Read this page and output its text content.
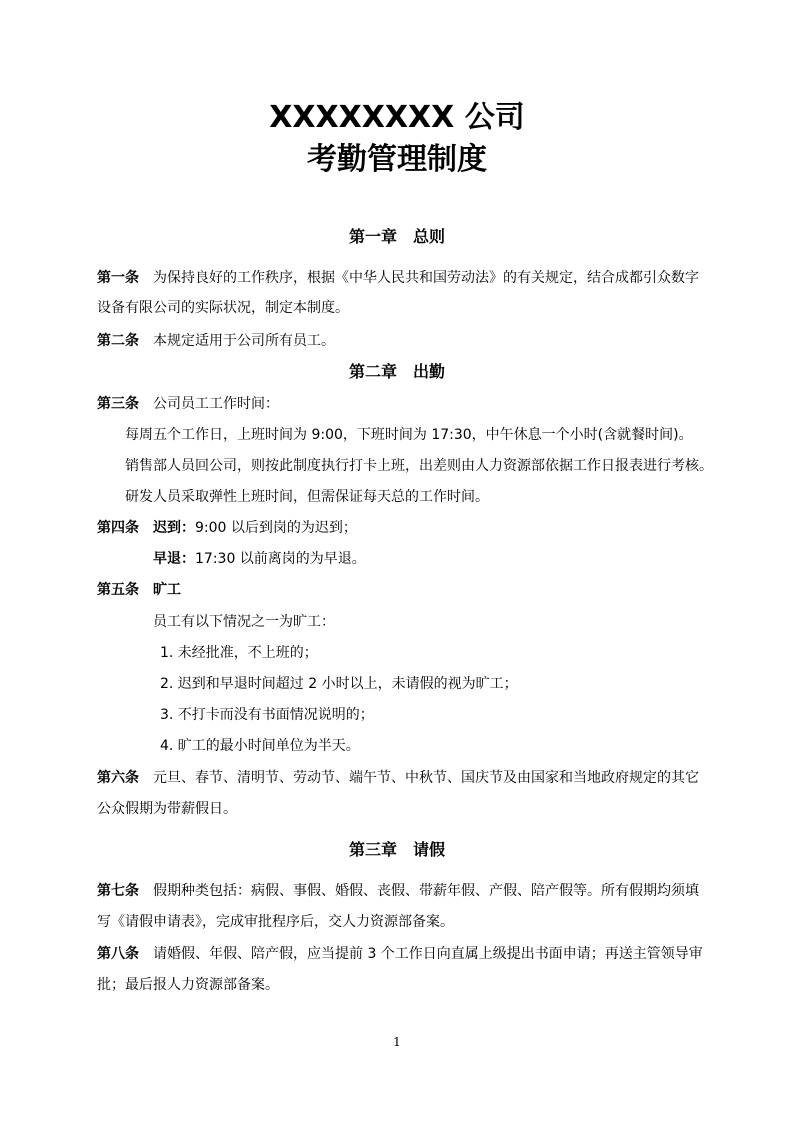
XXXXXXXX 公司
考勤管理制度
第一章 总则
第一条 为保持良好的工作秩序，根据《中华人民共和国劳动法》的有关规定，结合成都引众数字
设备有限公司的实际状况，制定本制度。
第二条 本规定适用于公司所有员工。
第二章 出勤
第三条 公司员工工作时间：
每周五个工作日，上班时间为 9:00，下班时间为 17:30，中午休息一个小时(含就餐时间)。
销售部人员回公司，则按此制度执行打卡上班，出差则由人力资源部依据工作日报表进行考核。
研发人员采取弹性上班时间，但需保证每天总的工作时间。
第四条 迟到：9:00 以后到岗的为迟到；
早退：17:30 以前离岗的为早退。
第五条 旷工
员工有以下情况之一为旷工：
1. 未经批准，不上班的；
2. 迟到和早退时间超过 2 小时以上，未请假的视为旷工；
3. 不打卡而没有书面情况说明的；
4. 旷工的最小时间单位为半天。
第六条 元旦、春节、清明节、劳动节、端午节、中秋节、国庆节及由国家和当地政府规定的其它
公众假期为带薪假日。
第三章 请假
第七条 假期种类包括：病假、事假、婚假、丧假、带薪年假、产假、陪产假等。所有假期均须填
写《请假申请表》，完成审批程序后，交人力资源部备案。
第八条 请婚假、年假、陪产假，应当提前 3 个工作日向直属上级提出书面申请；再送主管领导审
批；最后报人力资源部备案。
1
